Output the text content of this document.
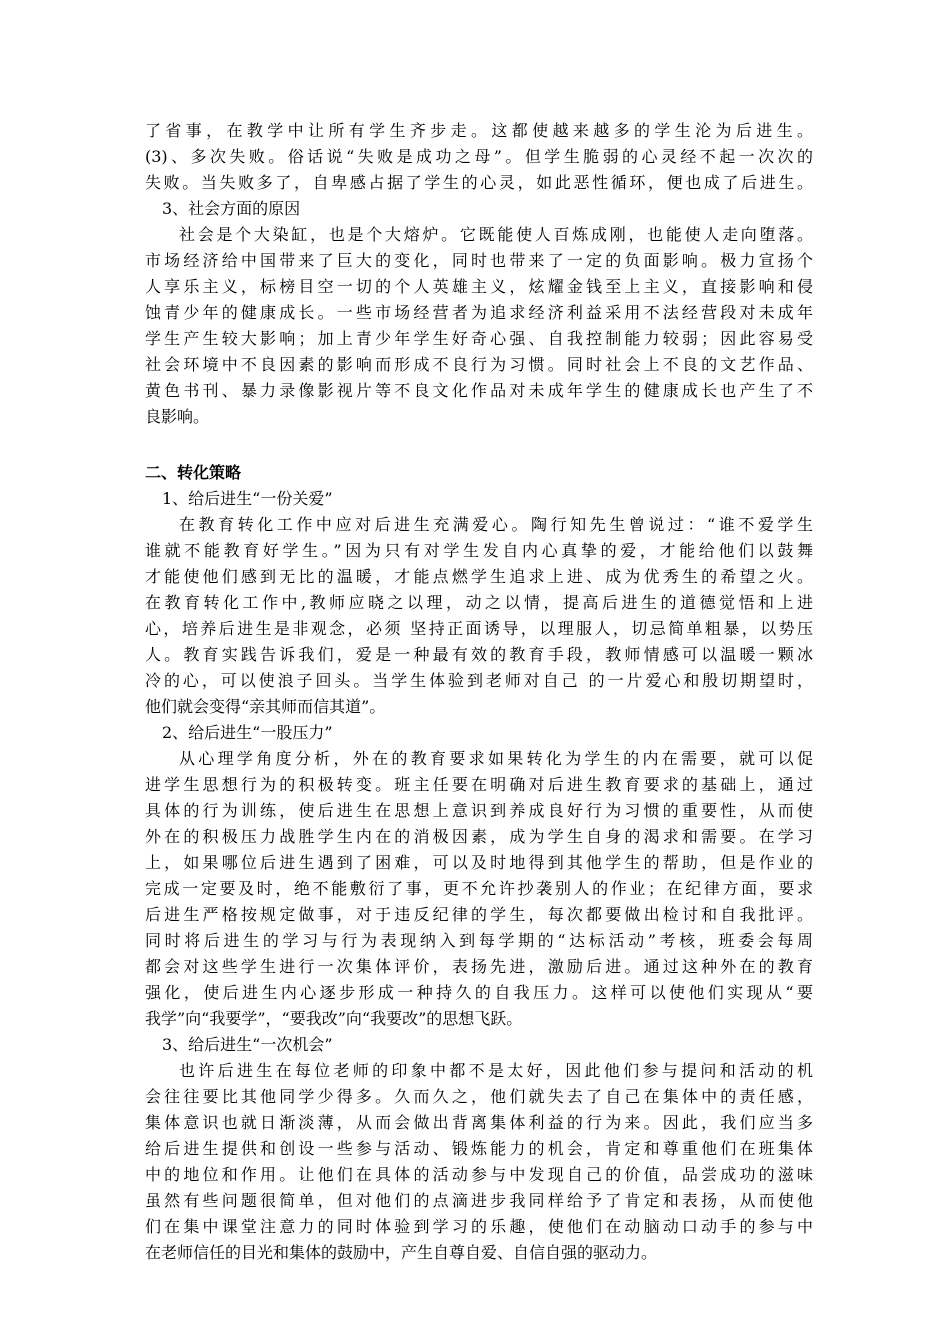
了省事，在教学中让所有学生齐步走。这都使越来越多的学生沦为后进生。
(3)、多次失败。俗话说“失败是成功之母”。但学生脆弱的心灵经不起一次次的
失败。当失败多了，自卑感占据了学生的心灵，如此恶性循环，便也成了后进生。
3、社会方面的原因
社会是个大染缸，也是个大熔炉。它既能使人百炼成刚，也能使人走向堕落。
市场经济给中国带来了巨大的变化，同时也带来了一定的负面影响。极力宣扬个
人享乐主义，标榜目空一切的个人英雄主义，炫耀金钱至上主义，直接影响和侵
蚀青少年的健康成长。一些市场经营者为追求经济利益采用不法经营段对未成年
学生产生较大影响；加上青少年学生好奇心强、自我控制能力较弱；因此容易受
社会环境中不良因素的影响而形成不良行为习惯。同时社会上不良的文艺作品、
黄色书刊、暴力录像影视片等不良文化作品对未成年学生的健康成长也产生了不
良影响。
二、转化策略
1、给后进生“一份关爱”
在教育转化工作中应对后进生充满爱心。陶行知先生曾说过：“谁不爱学生
谁就不能教育好学生。”因为只有对学生发自内心真挚的爱，才能给他们以鼓舞
才能使他们感到无比的温暖，才能点燃学生追求上进、成为优秀生的希望之火。
在教育转化工作中,教师应晓之以理，动之以情，提高后进生的道德觉悟和上进
心，培养后进生是非观念，必须 坚持正面诱导，以理服人，切忌简单粗暴，以势压
人。教育实践告诉我们，爱是一种最有效的教育手段，教师情感可以温暖一颗冰
冷的心，可以使浪子回头。当学生体验到老师对自己 的一片爱心和殷切期望时，
他们就会变得“亲其师而信其道”。
2、给后进生“一股压力”
从心理学角度分析，外在的教育要求如果转化为学生的内在需要，就可以促
进学生思想行为的积极转变。班主任要在明确对后进生教育要求的基础上，通过
具体的行为训练，使后进生在思想上意识到养成良好行为习惯的重要性，从而使
外在的积极压力战胜学生内在的消极因素，成为学生自身的渴求和需要。在学习
上，如果哪位后进生遇到了困难，可以及时地得到其他学生的帮助，但是作业的
完成一定要及时，绝不能敷衍了事，更不允许抄袭别人的作业；在纪律方面，要求
后进生严格按规定做事，对于违反纪律的学生，每次都要做出检讨和自我批评。
同时将后进生的学习与行为表现纳入到每学期的“达标活动”考核，班委会每周
都会对这些学生进行一次集体评价，表扬先进，激励后进。通过这种外在的教育
强化，使后进生内心逐步形成一种持久的自我压力。这样可以使他们实现从“要
我学”向“我要学”，“要我改”向“我要改”的思想飞跃。
3、给后进生“一次机会”
也许后进生在每位老师的印象中都不是太好，因此他们参与提问和活动的机
会往往要比其他同学少得多。久而久之，他们就失去了自己在集体中的责任感，
集体意识也就日渐淡薄，从而会做出背离集体利益的行为来。因此，我们应当多
给后进生提供和创设一些参与活动、锻炼能力的机会，肯定和尊重他们在班集体
中的地位和作用。让他们在具体的活动参与中发现自己的价值，品尝成功的滋味
虽然有些问题很简单，但对他们的点滴进步我同样给予了肯定和表扬，从而使他
们在集中课堂注意力的同时体验到学习的乐趣，使他们在动脑动口动手的参与中
在老师信任的目光和集体的鼓励中，产生自尊自爱、自信自强的驱动力。
